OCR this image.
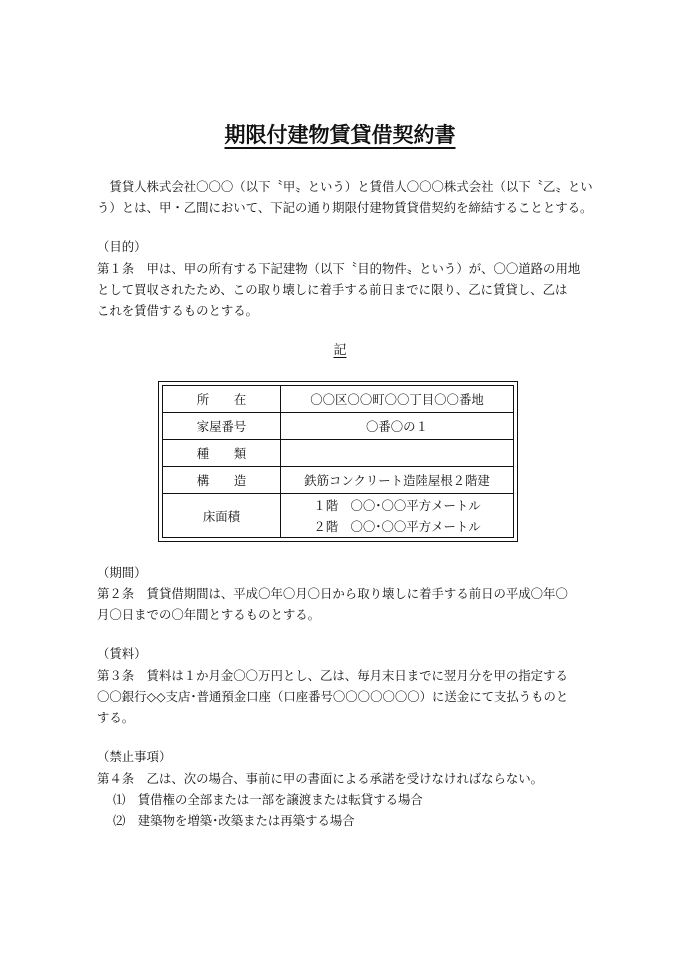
期限付建物賃貸借契約書
　賃貸人株式会社〇〇〇（以下〝甲〟という）と賃借人〇〇〇株式会社（以下〝乙〟とい
う）とは、甲・乙間において、下記の通り期限付建物賃貸借契約を締結することとする。
（目的）
第１条　甲は、甲の所有する下記建物（以下〝目的物件〟という）が、〇〇道路の用地
として買収されたため、この取り壊しに着手する前日までに限り、乙に賃貸し、乙は
これを賃借するものとする。
記
所　　在	〇〇区〇〇町〇〇丁目〇〇番地
家屋番号	〇番〇の１
種　　類	
構　　造	鉄筋コンクリート造陸屋根２階建
床面積	１階　〇〇･〇〇平方メートル
２階　〇〇･〇〇平方メートル
（期間）
第２条　賃貸借期間は、平成〇年〇月〇日から取り壊しに着手する前日の平成〇年〇
月〇日までの〇年間とするものとする。
（賃料）
第３条　賃料は１か月金〇〇万円とし、乙は、毎月末日までに翌月分を甲の指定する
〇〇銀行◇◇支店･普通預金口座（口座番号〇〇〇〇〇〇〇）に送金にて支払うものと
する。
（禁止事項）
第４条　乙は、次の場合、事前に甲の書面による承諾を受けなければならない。
⑴　賃借権の全部または一部を譲渡または転貸する場合
⑵　建築物を増築･改築または再築する場合
